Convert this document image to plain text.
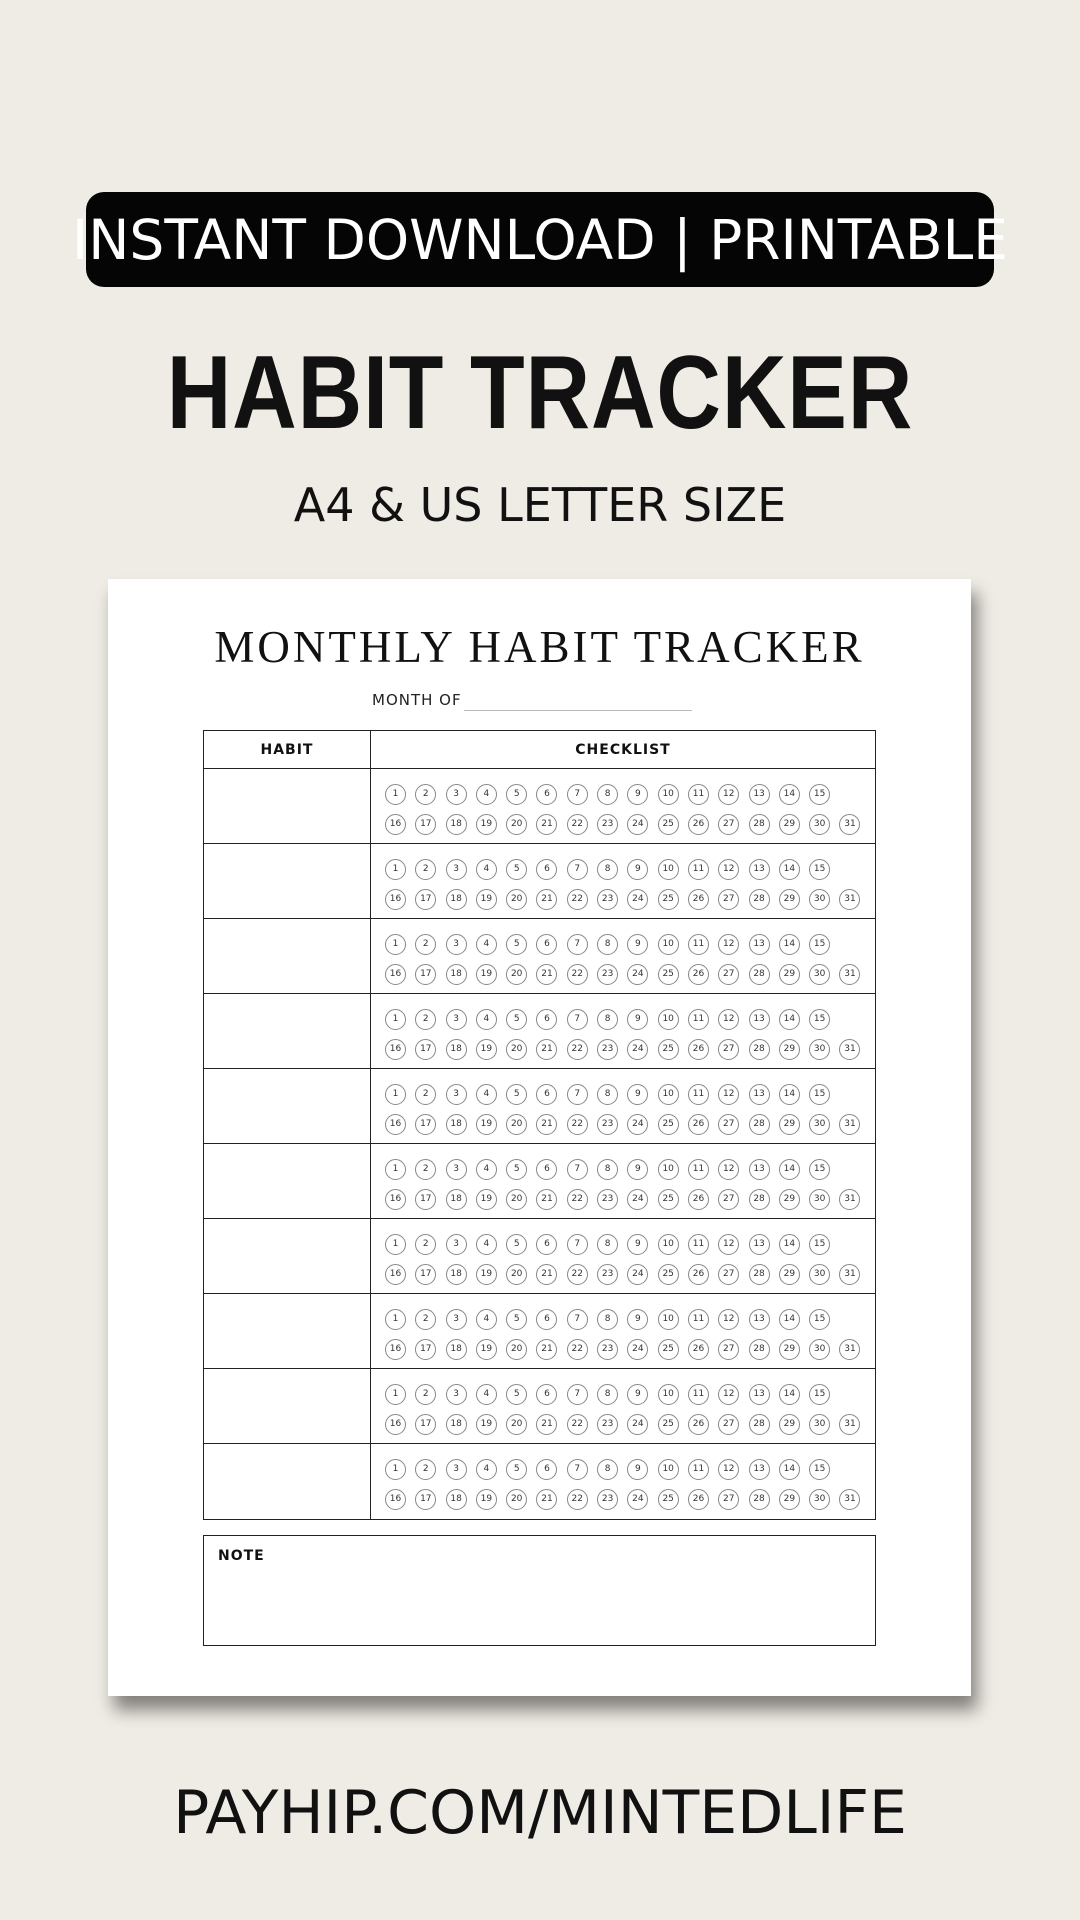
INSTANT DOWNLOAD | PRINTABLE
HABIT TRACKER
A4 & US LETTER SIZE
MONTHLY HABIT TRACKER
MONTH OF
HABIT	CHECKLIST
1	2	3	4	5	6	7	8	9	10	11	12	13	14	15
16	17	18	19	20	21	22	23	24	25	26	27	28	29	30	31
1	2	3	4	5	6	7	8	9	10	11	12	13	14	15
16	17	18	19	20	21	22	23	24	25	26	27	28	29	30	31
1	2	3	4	5	6	7	8	9	10	11	12	13	14	15
16	17	18	19	20	21	22	23	24	25	26	27	28	29	30	31
1	2	3	4	5	6	7	8	9	10	11	12	13	14	15
16	17	18	19	20	21	22	23	24	25	26	27	28	29	30	31
1	2	3	4	5	6	7	8	9	10	11	12	13	14	15
16	17	18	19	20	21	22	23	24	25	26	27	28	29	30	31
1	2	3	4	5	6	7	8	9	10	11	12	13	14	15
16	17	18	19	20	21	22	23	24	25	26	27	28	29	30	31
1	2	3	4	5	6	7	8	9	10	11	12	13	14	15
16	17	18	19	20	21	22	23	24	25	26	27	28	29	30	31
1	2	3	4	5	6	7	8	9	10	11	12	13	14	15
16	17	18	19	20	21	22	23	24	25	26	27	28	29	30	31
1	2	3	4	5	6	7	8	9	10	11	12	13	14	15
16	17	18	19	20	21	22	23	24	25	26	27	28	29	30	31
1	2	3	4	5	6	7	8	9	10	11	12	13	14	15
16	17	18	19	20	21	22	23	24	25	26	27	28	29	30	31
NOTE
PAYHIP.COM/MINTEDLIFE
